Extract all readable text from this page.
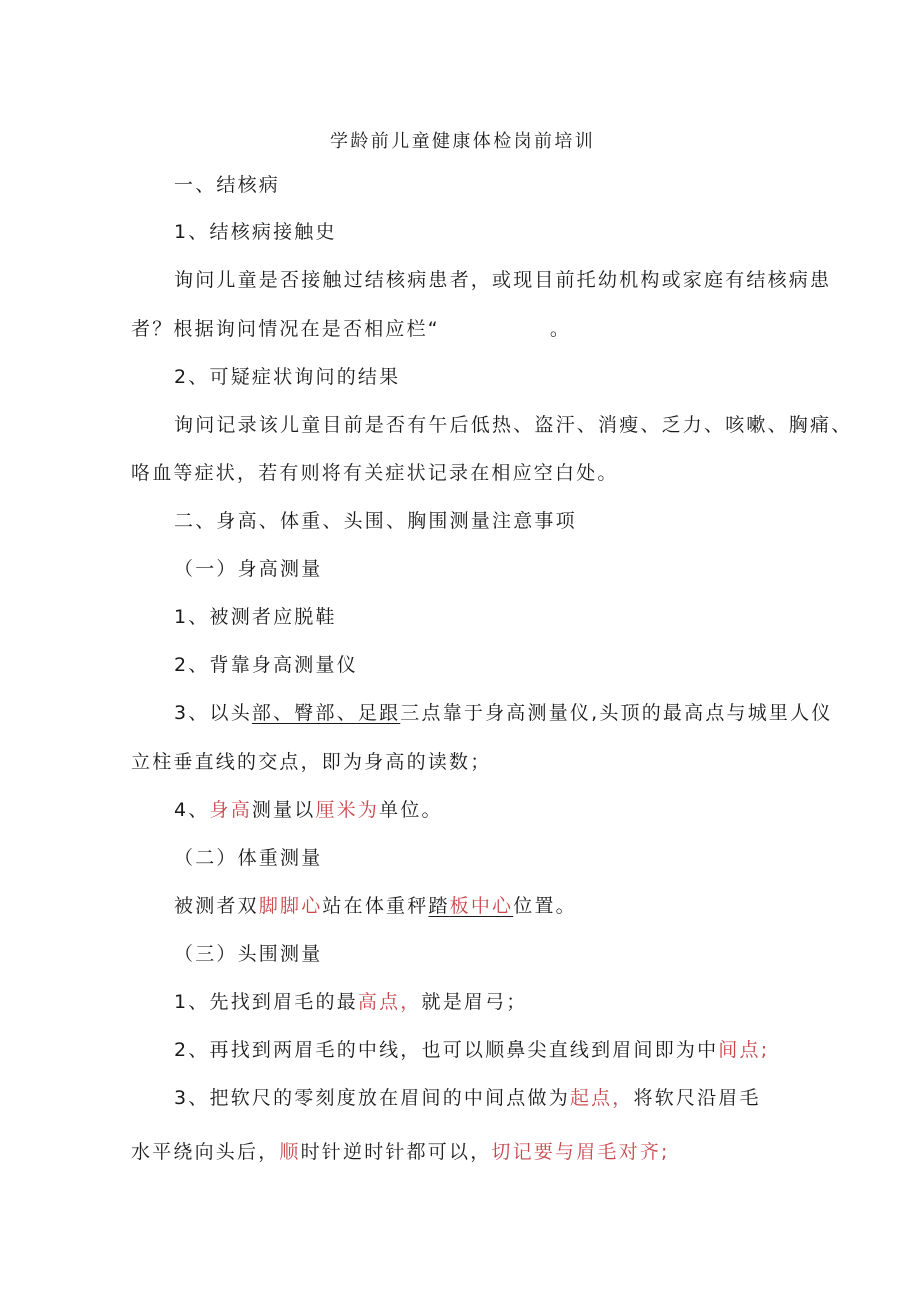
学龄前儿童健康体检岗前培训
一、结核病
1、结核病接触史
询问儿童是否接触过结核病患者，或现目前托幼机构或家庭有结核病患
者？根据询问情况在是否相应栏“	。
2、可疑症状询问的结果
询问记录该儿童目前是否有午后低热、盗汗、消瘦、乏力、咳嗽、胸痛、
咯血等症状，若有则将有关症状记录在相应空白处。
二、身高、体重、头围、胸围测量注意事项
（一）身高测量
1、被测者应脱鞋
2、背靠身高测量仪
3、以头部、臀部、足跟三点靠于身高测量仪,头顶的最高点与城里人仪
立柱垂直线的交点，即为身高的读数；
4、身高测量以厘米为单位。
（二）体重测量
被测者双脚脚心站在体重秤踏板中心位置。
（三）头围测量
1、先找到眉毛的最高点，就是眉弓；
2、再找到两眉毛的中线，也可以顺鼻尖直线到眉间即为中间点;
3、把软尺的零刻度放在眉间的中间点做为起点，将软尺沿眉毛
水平绕向头后，顺时针逆时针都可以，切记要与眉毛对齐;
